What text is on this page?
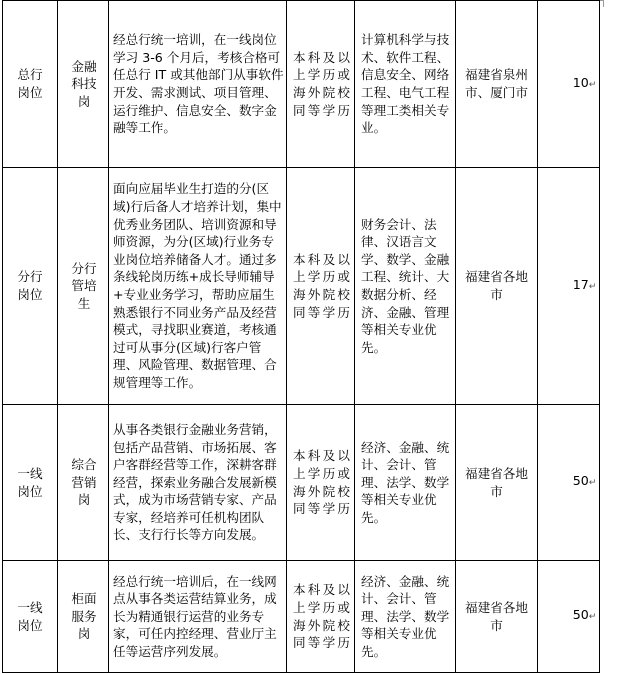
总行岗位	金融科技岗	经总行统一培训，在一线岗位学习 3-6 个月后，考核合格可任总行 IT 或其他部门从事软件开发、需求测试、项目管理、运行维护、信息安全、数字金融等工作。	本科及以上学历或海外院校同等学历	计算机科学与技术、软件工程、信息安全、网络工程、电气工程等理工类相关专业。	福建省泉州市、厦门市	10↵
分行岗位	分行管培生	面向应届毕业生打造的分(区域)行后备人才培养计划，集中优秀业务团队、培训资源和导师资源，为分(区域)行业务专业岗位培养储备人才。通过多条线轮岗历练+成长导师辅导+专业业务学习，帮助应届生熟悉银行不同业务产品及经营模式，寻找职业赛道，考核通过可从事分(区域)行客户管理、风险管理、数据管理、合规管理等工作。	本科及以上学历或海外院校同等学历	财务会计、法律、汉语言文学、数学、金融工程、统计、大数据分析、经济、金融、管理等相关专业优先。	福建省各地市	17↵
一线岗位	综合营销岗	从事各类银行金融业务营销，包括产品营销、市场拓展、客户客群经营等工作，深耕客群经营，探索业务融合发展新模式，成为市场营销专家、产品专家，经培养可任机构团队长、支行行长等方向发展。	本科及以上学历或海外院校同等学历	经济、金融、统计、会计、管理、法学、数学等相关专业优先。	福建省各地市	50↵
一线岗位	柜面服务岗	经总行统一培训后，在一线网点从事各类运营结算业务，成长为精通银行运营的业务专家，可任内控经理、营业厅主任等运营序列发展。	本科及以上学历或海外院校同等学历	经济、金融、统计、会计、管理、法学、数学等相关专业优先。	福建省各地市	50↵
